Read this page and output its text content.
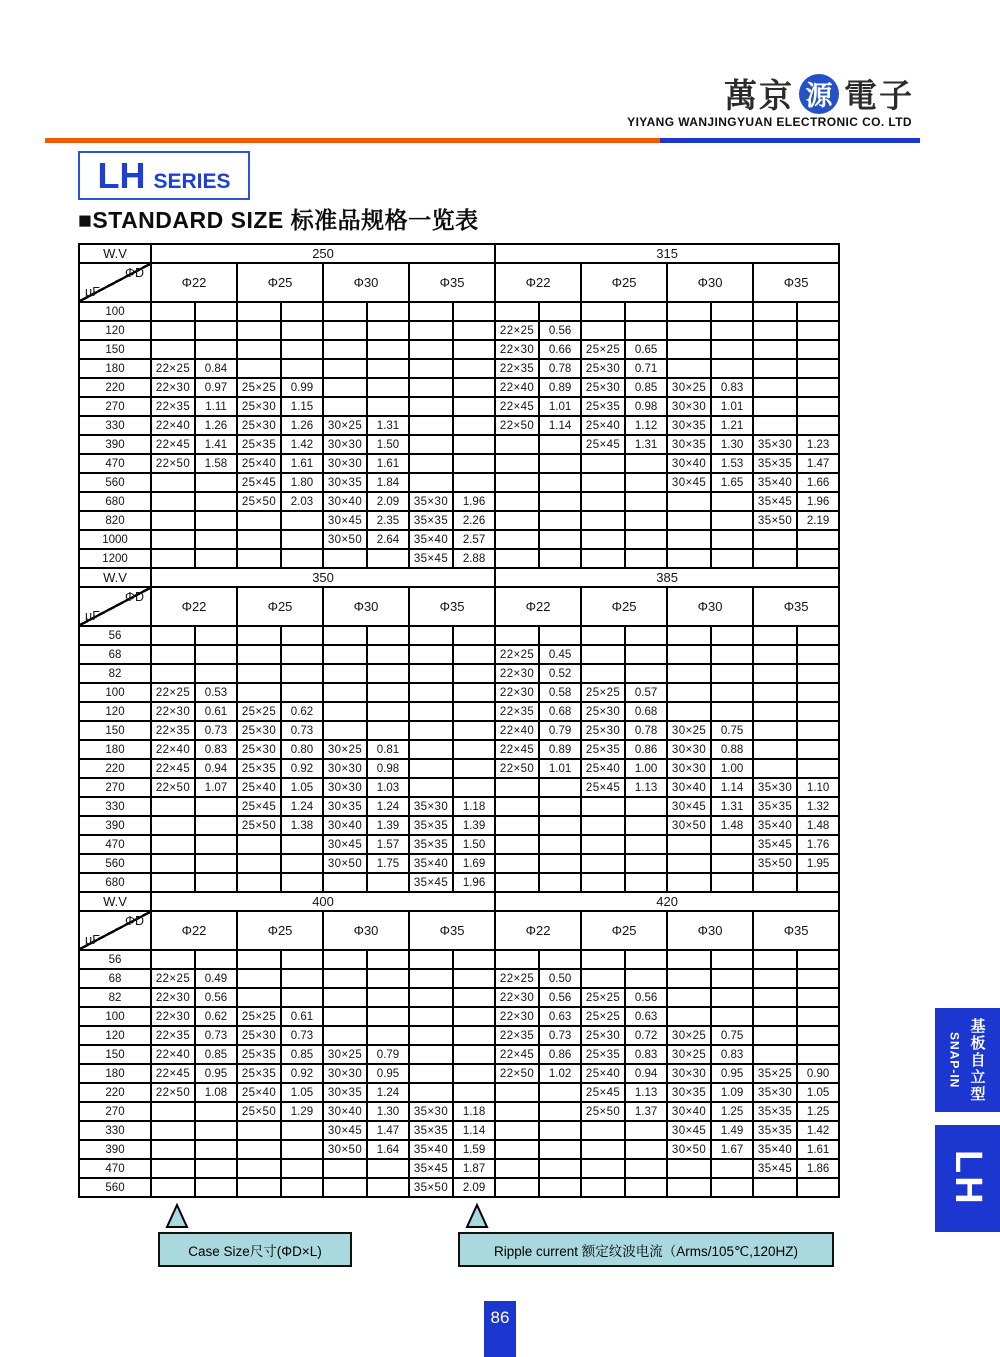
萬京 源 電子
YIYANG WANJINGYUAN ELECTRONIC CO. LTD
LH SERIES
■STANDARD SIZE 标准品规格一览表
W.V	250								315							

ΦD
μF	Φ22		Φ25		Φ30		Φ35		Φ22		Φ25		Φ30		Φ35	
100																
120									22×25	0.56						
150									22×30	0.66	25×25	0.65				
180	22×25	0.84							22×35	0.78	25×30	0.71				
220	22×30	0.97	25×25	0.99					22×40	0.89	25×30	0.85	30×25	0.83		
270	22×35	1.11	25×30	1.15					22×45	1.01	25×35	0.98	30×30	1.01		
330	22×40	1.26	25×30	1.26	30×25	1.31			22×50	1.14	25×40	1.12	30×35	1.21		
390	22×45	1.41	25×35	1.42	30×30	1.50					25×45	1.31	30×35	1.30	35×30	1.23
470	22×50	1.58	25×40	1.61	30×30	1.61							30×40	1.53	35×35	1.47
560			25×45	1.80	30×35	1.84							30×45	1.65	35×40	1.66
680			25×50	2.03	30×40	2.09	35×30	1.96							35×45	1.96
820					30×45	2.35	35×35	2.26							35×50	2.19
1000					30×50	2.64	35×40	2.57								
1200							35×45	2.88								
W.V	350								385							

ΦD
μF	Φ22		Φ25		Φ30		Φ35		Φ22		Φ25		Φ30		Φ35	
56																
68									22×25	0.45						
82									22×30	0.52						
100	22×25	0.53							22×30	0.58	25×25	0.57				
120	22×30	0.61	25×25	0.62					22×35	0.68	25×30	0.68				
150	22×35	0.73	25×30	0.73					22×40	0.79	25×30	0.78	30×25	0.75		
180	22×40	0.83	25×30	0.80	30×25	0.81			22×45	0.89	25×35	0.86	30×30	0.88		
220	22×45	0.94	25×35	0.92	30×30	0.98			22×50	1.01	25×40	1.00	30×30	1.00		
270	22×50	1.07	25×40	1.05	30×30	1.03					25×45	1.13	30×40	1.14	35×30	1.10
330			25×45	1.24	30×35	1.24	35×30	1.18					30×45	1.31	35×35	1.32
390			25×50	1.38	30×40	1.39	35×35	1.39					30×50	1.48	35×40	1.48
470					30×45	1.57	35×35	1.50							35×45	1.76
560					30×50	1.75	35×40	1.69							35×50	1.95
680							35×45	1.96								
W.V	400								420							

ΦD
μF	Φ22		Φ25		Φ30		Φ35		Φ22		Φ25		Φ30		Φ35	
56																
68	22×25	0.49							22×25	0.50						
82	22×30	0.56							22×30	0.56	25×25	0.56				
100	22×30	0.62	25×25	0.61					22×30	0.63	25×25	0.63				
120	22×35	0.73	25×30	0.73					22×35	0.73	25×30	0.72	30×25	0.75		
150	22×40	0.85	25×35	0.85	30×25	0.79			22×45	0.86	25×35	0.83	30×25	0.83		
180	22×45	0.95	25×35	0.92	30×30	0.95			22×50	1.02	25×40	0.94	30×30	0.95	35×25	0.90
220	22×50	1.08	25×40	1.05	30×35	1.24					25×45	1.13	30×35	1.09	35×30	1.05
270			25×50	1.29	30×40	1.30	35×30	1.18			25×50	1.37	30×40	1.25	35×35	1.25
330					30×45	1.47	35×35	1.14					30×45	1.49	35×35	1.42
390					30×50	1.64	35×40	1.59					30×50	1.67	35×40	1.61
470							35×45	1.87							35×45	1.86
560							35×50	2.09								
Case Size尺寸(ΦD×L)	Ripple current 额定纹波电流（Arms/105℃,120HZ)
SNAP-IN 基板自立型
LH
86
